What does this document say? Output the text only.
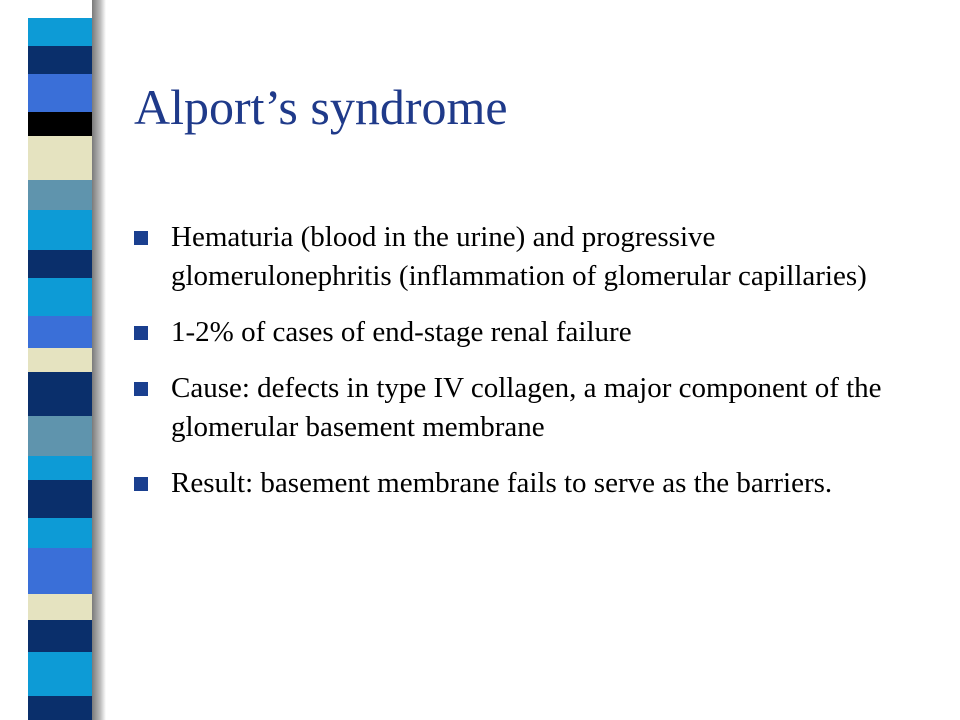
Alport’s syndrome
Hematuria (blood in the urine) and progressive glomerulonephritis (inflammation of glomerular capillaries)
1-2% of cases of end-stage renal failure
Cause: defects in type IV collagen, a major component of the glomerular basement membrane
Result: basement membrane fails to serve as the barriers.
